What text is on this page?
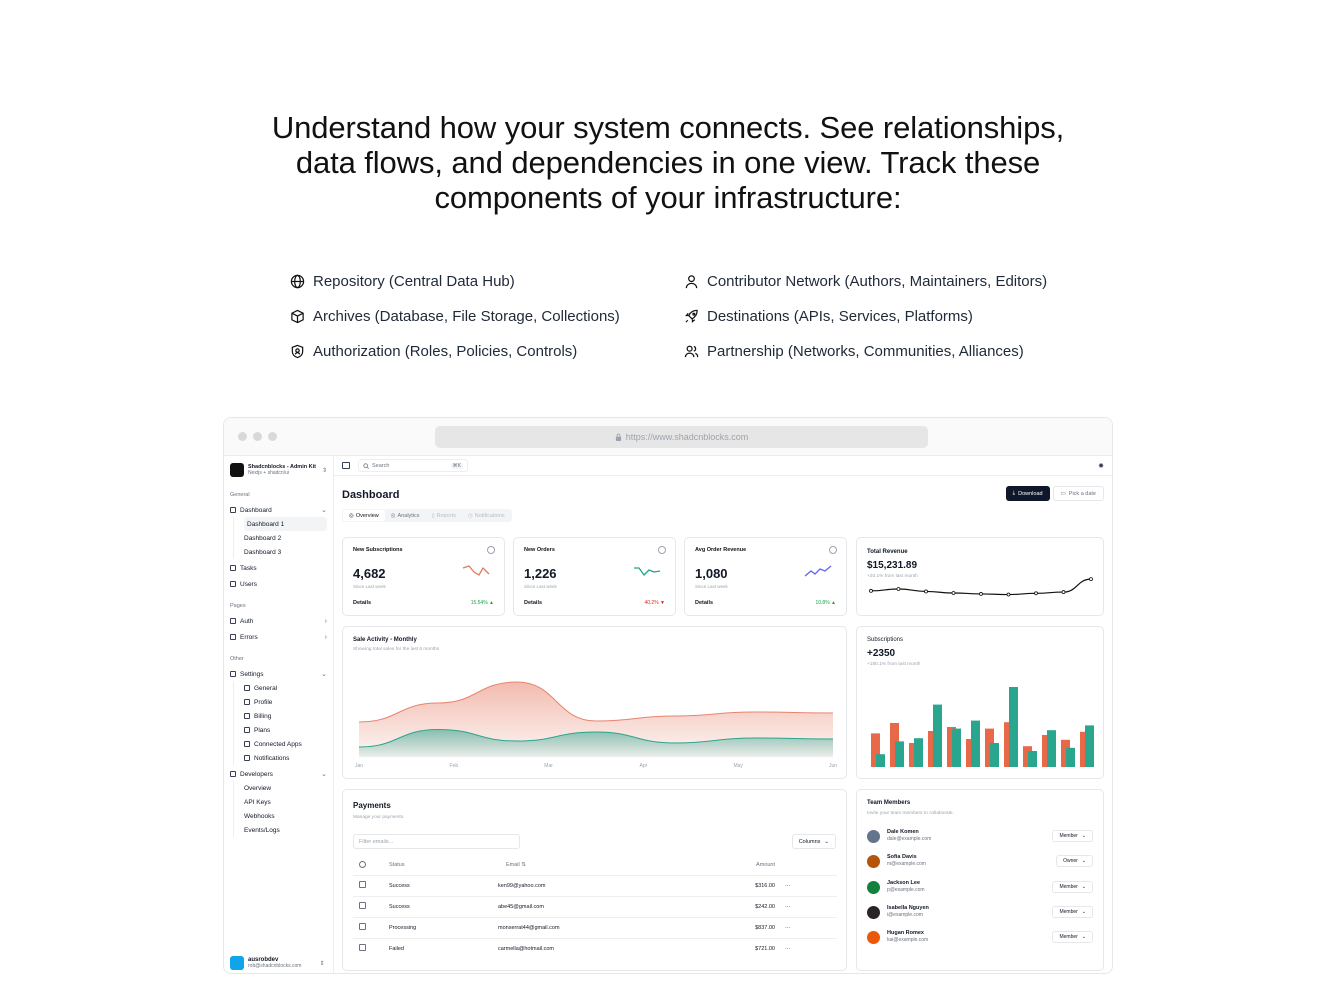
Understand how your system connects. See relationships,
data flows, and dependencies in one view. Track these
components of your infrastructure:
Repository (Central Data Hub)	Contributor Network (Authors, Maintainers, Editors)
Archives (Database, File Storage, Collections)	Destinations (APIs, Services, Platforms)
Authorization (Roles, Policies, Controls)	Partnership (Networks, Communities, Alliances)
https://www.shadcnblocks.com
Shadcnblocks - Admin Kit
Nextjs + shadcn/ui	⇕
General
Dashboard	⌄
Dashboard 1
Dashboard 2
Dashboard 3
Tasks
Users
Pages
Auth	›
Errors	›
Other
Settings	⌄
General
Profile
Billing
Plans
Connected Apps
Notifications
Developers	⌄
Overview
API Keys
Webhooks
Events/Logs
ausrobdev
rob@shadcnblocks.com	⇕
Search	⌘K	✹
Dashboard	⤓ Download	▭ Pick a date
◎ Overview ◎ Analytics ▯ Reports ◷ Notifications
New Subscriptions
4,682
Since Last week
Details	15.54% ▲
New Orders
1,226
Since Last week
Details	40.2% ▼
Avg Order Revenue
1,080
Since Last week
Details	10.8% ▲
Total Revenue
$15,231.89
+20.1% from last month
Sale Activity - Monthly
Showing total sales for the last 6 months
Jan	Feb	Mar	Apr	May	Jun
Subscriptions
+2350
+180.1% from last month
Payments
Manage your payments.
Filter emails...	Columns ⌄
	Status	Email ⇅	Amount	
	Success	ken99@yahoo.com	$316.00	···
	Success	abe45@gmail.com	$242.00	···
	Processing	monserrat44@gmail.com	$837.00	···
	Failed	carmella@hotmail.com	$721.00	···
Team Members
Invite your team members to collaborate.
Dale Komen
dale@example.com	Member ⌄
Sofia Davis
m@example.com	Owner ⌄
Jackson Lee
p@example.com	Member ⌄
Isabella Nguyen
i@example.com	Member ⌄
Hugan Romex
kai@example.com	Member ⌄
